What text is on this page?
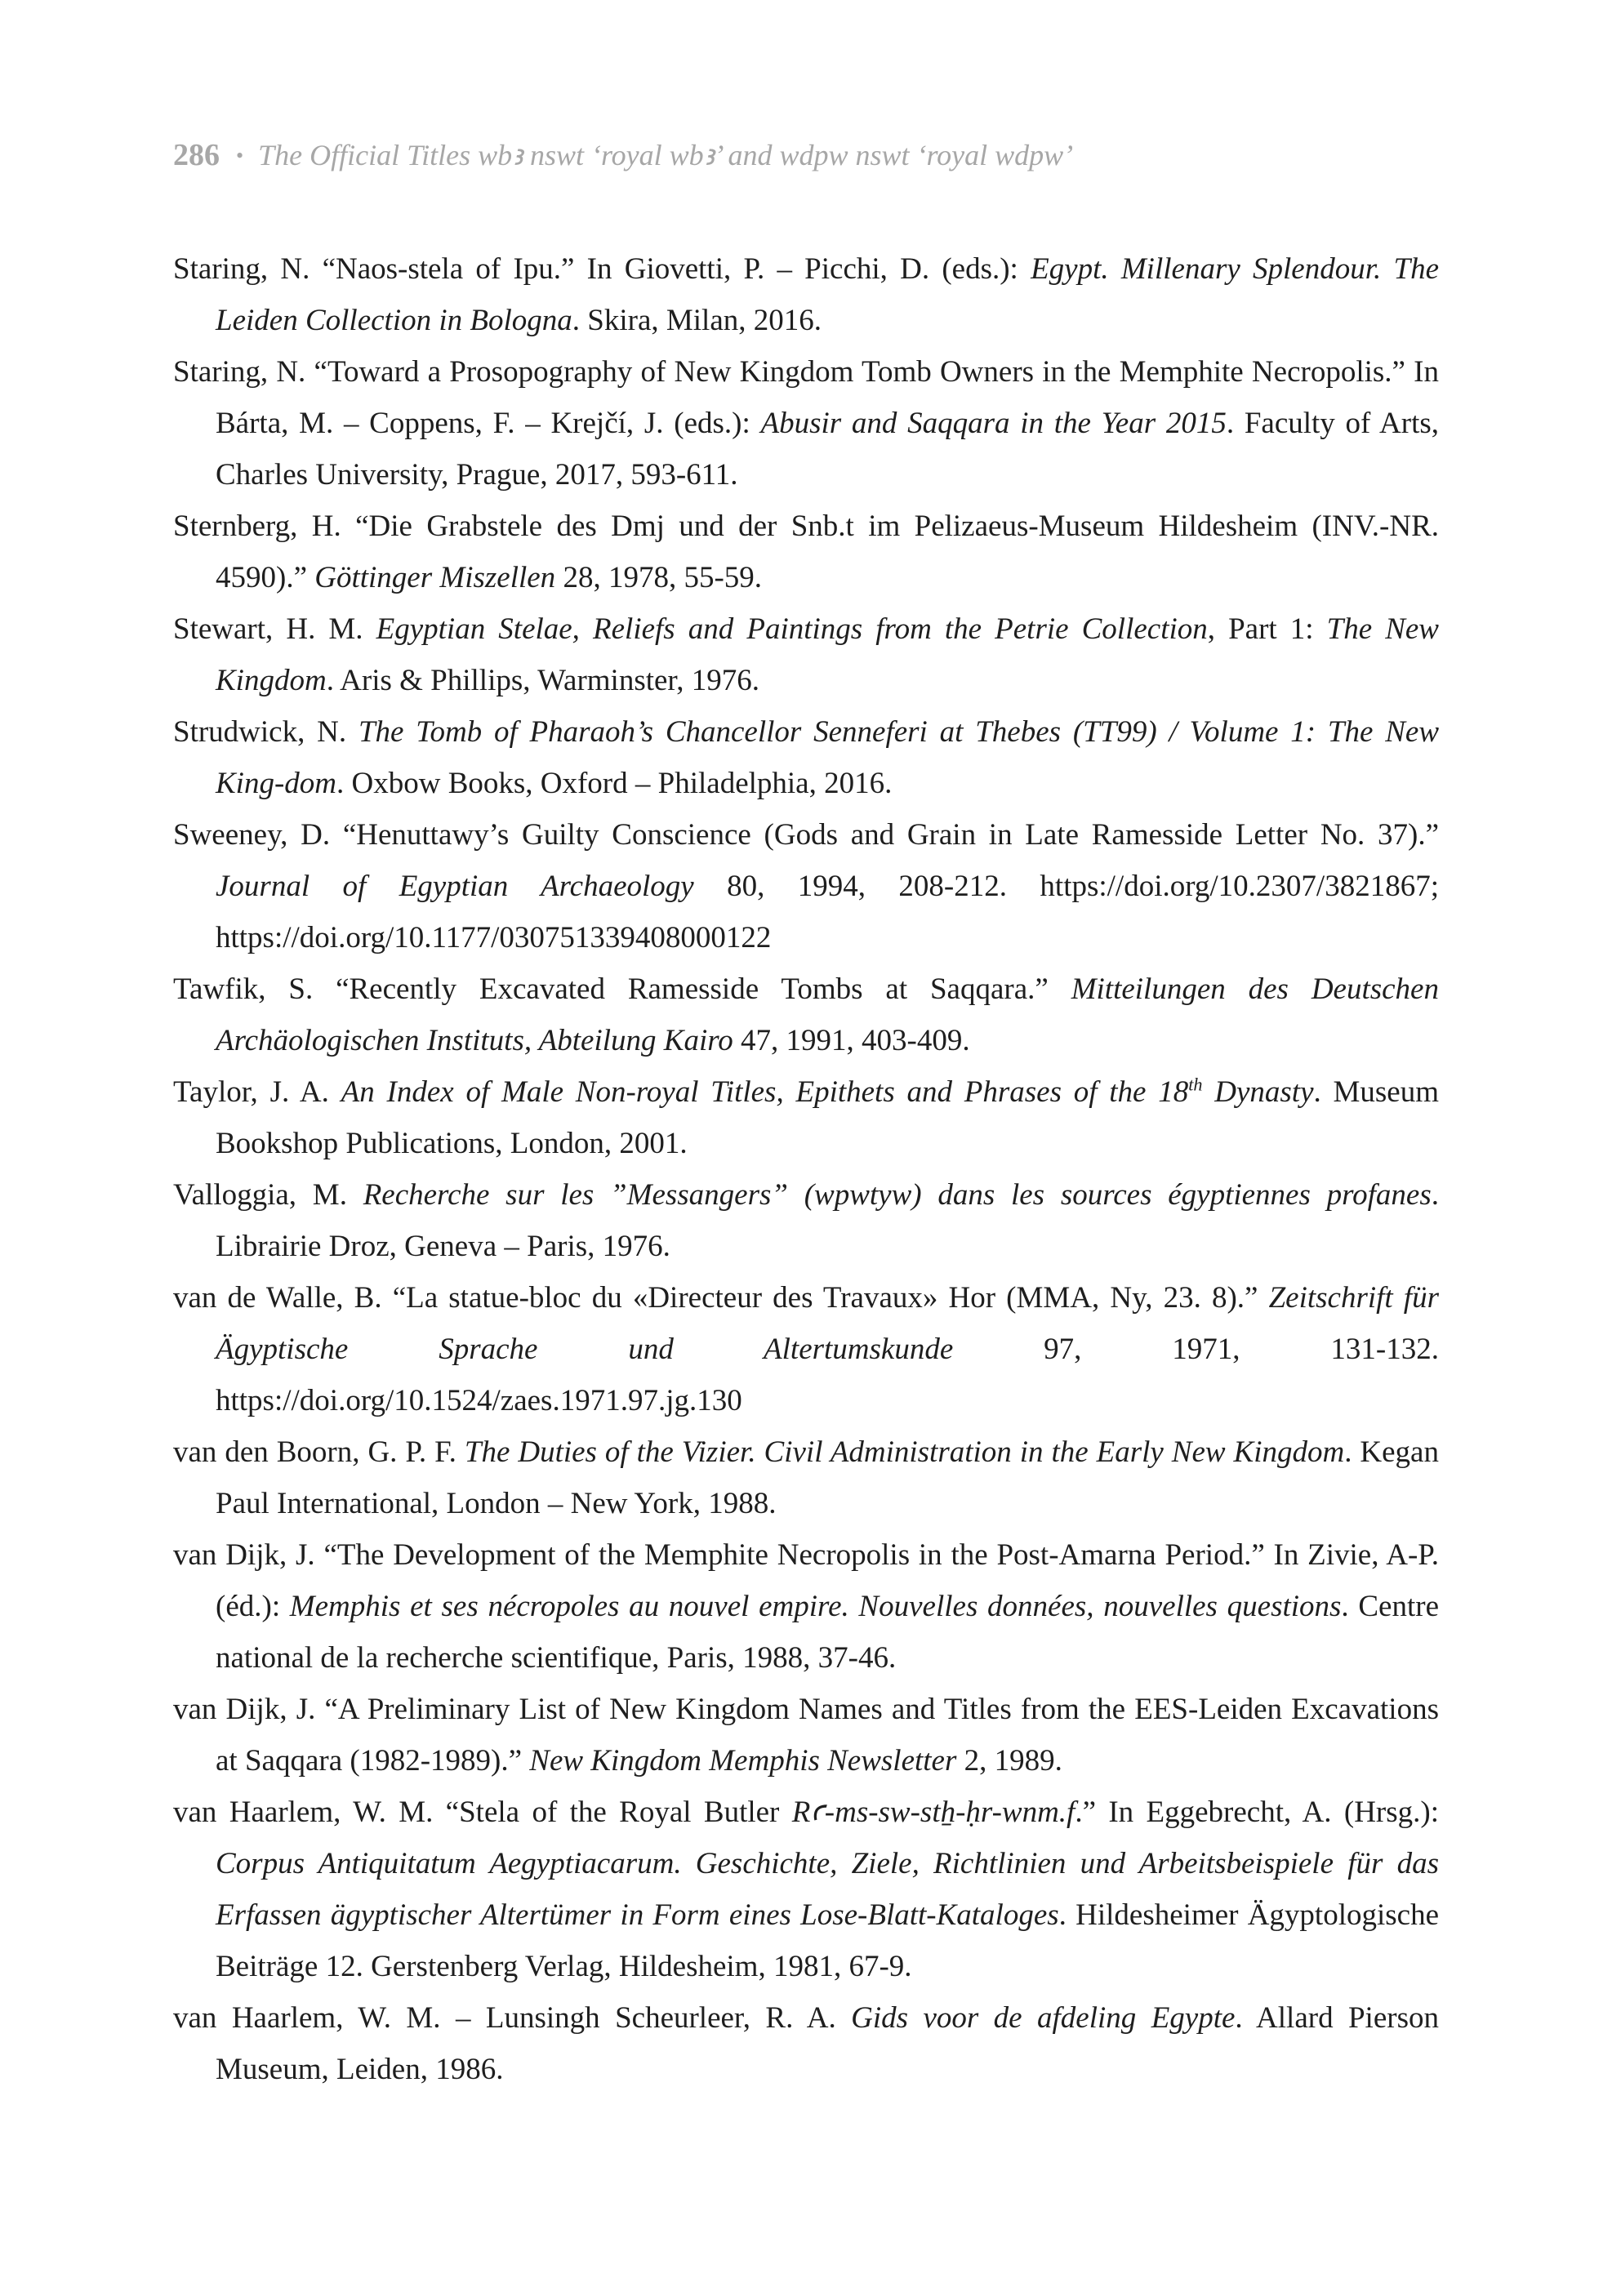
286 • The Official Titles wbꜣ nswt ‘royal wbꜣ’ and wdpw nswt ‘royal wdpw’
Staring, N. “Naos-stela of Ipu.” In Giovetti, P. – Picchi, D. (eds.): Egypt. Millenary Splendour. The Leiden Collection in Bologna. Skira, Milan, 2016.
Staring, N. “Toward a Prosopography of New Kingdom Tomb Owners in the Memphite Necropolis.” In Bárta, M. – Coppens, F. – Krejčí, J. (eds.): Abusir and Saqqara in the Year 2015. Faculty of Arts, Charles University, Prague, 2017, 593-611.
Sternberg, H. “Die Grabstele des Dmj und der Snb.t im Pelizaeus-Museum Hildesheim (INV.-NR. 4590).” Göttinger Miszellen 28, 1978, 55-59.
Stewart, H. M. Egyptian Stelae, Reliefs and Paintings from the Petrie Collection, Part 1: The New Kingdom. Aris & Phillips, Warminster, 1976.
Strudwick, N. The Tomb of Pharaoh’s Chancellor Senneferi at Thebes (TT99) / Volume 1: The New King-dom. Oxbow Books, Oxford – Philadelphia, 2016.
Sweeney, D. “Henuttawy’s Guilty Conscience (Gods and Grain in Late Ramesside Letter No. 37).” Journal of Egyptian Archaeology 80, 1994, 208-212. https://doi.org/10.2307/3821867; https://doi.org/10.1177/030751339408000122
Tawfik, S. “Recently Excavated Ramesside Tombs at Saqqara.” Mitteilungen des Deutschen Archäologischen Instituts, Abteilung Kairo 47, 1991, 403-409.
Taylor, J. A. An Index of Male Non-royal Titles, Epithets and Phrases of the 18th Dynasty. Museum Bookshop Publications, London, 2001.
Valloggia, M. Recherche sur les ”Messangers” (wpwtyw) dans les sources égyptiennes profanes. Librairie Droz, Geneva – Paris, 1976.
van de Walle, B. “La statue-bloc du «Directeur des Travaux» Hor (MMA, Ny, 23. 8).” Zeitschrift für Ägyptische Sprache und Altertumskunde 97, 1971, 131-132. https://doi.org/10.1524/zaes.1971.97.jg.130
van den Boorn, G. P. F. The Duties of the Vizier. Civil Administration in the Early New Kingdom. Kegan Paul International, London – New York, 1988.
van Dijk, J. “The Development of the Memphite Necropolis in the Post-Amarna Period.” In Zivie, A-P.(éd.): Memphis et ses nécropoles au nouvel empire. Nouvelles données, nouvelles questions. Centre national de la recherche scientifique, Paris, 1988, 37-46.
van Dijk, J. “A Preliminary List of New Kingdom Names and Titles from the EES-Leiden Excavations at Saqqara (1982-1989).” New Kingdom Memphis Newsletter 2, 1989.
van Haarlem, W. M. “Stela of the Royal Butler Rꜥ-ms-sw-stẖ-ḥr-wnm.f.” In Eggebrecht, A. (Hrsg.): Corpus Antiquitatum Aegyptiacarum. Geschichte, Ziele, Richtlinien und Arbeitsbeispiele für das Erfassen ägyptischer Altertümer in Form eines Lose-Blatt-Kataloges. Hildesheimer Ägyptologische Beiträge 12. Gerstenberg Verlag, Hildesheim, 1981, 67-9.
van Haarlem, W. M. – Lunsingh Scheurleer, R. A. Gids voor de afdeling Egypte. Allard Pierson Museum, Leiden, 1986.
